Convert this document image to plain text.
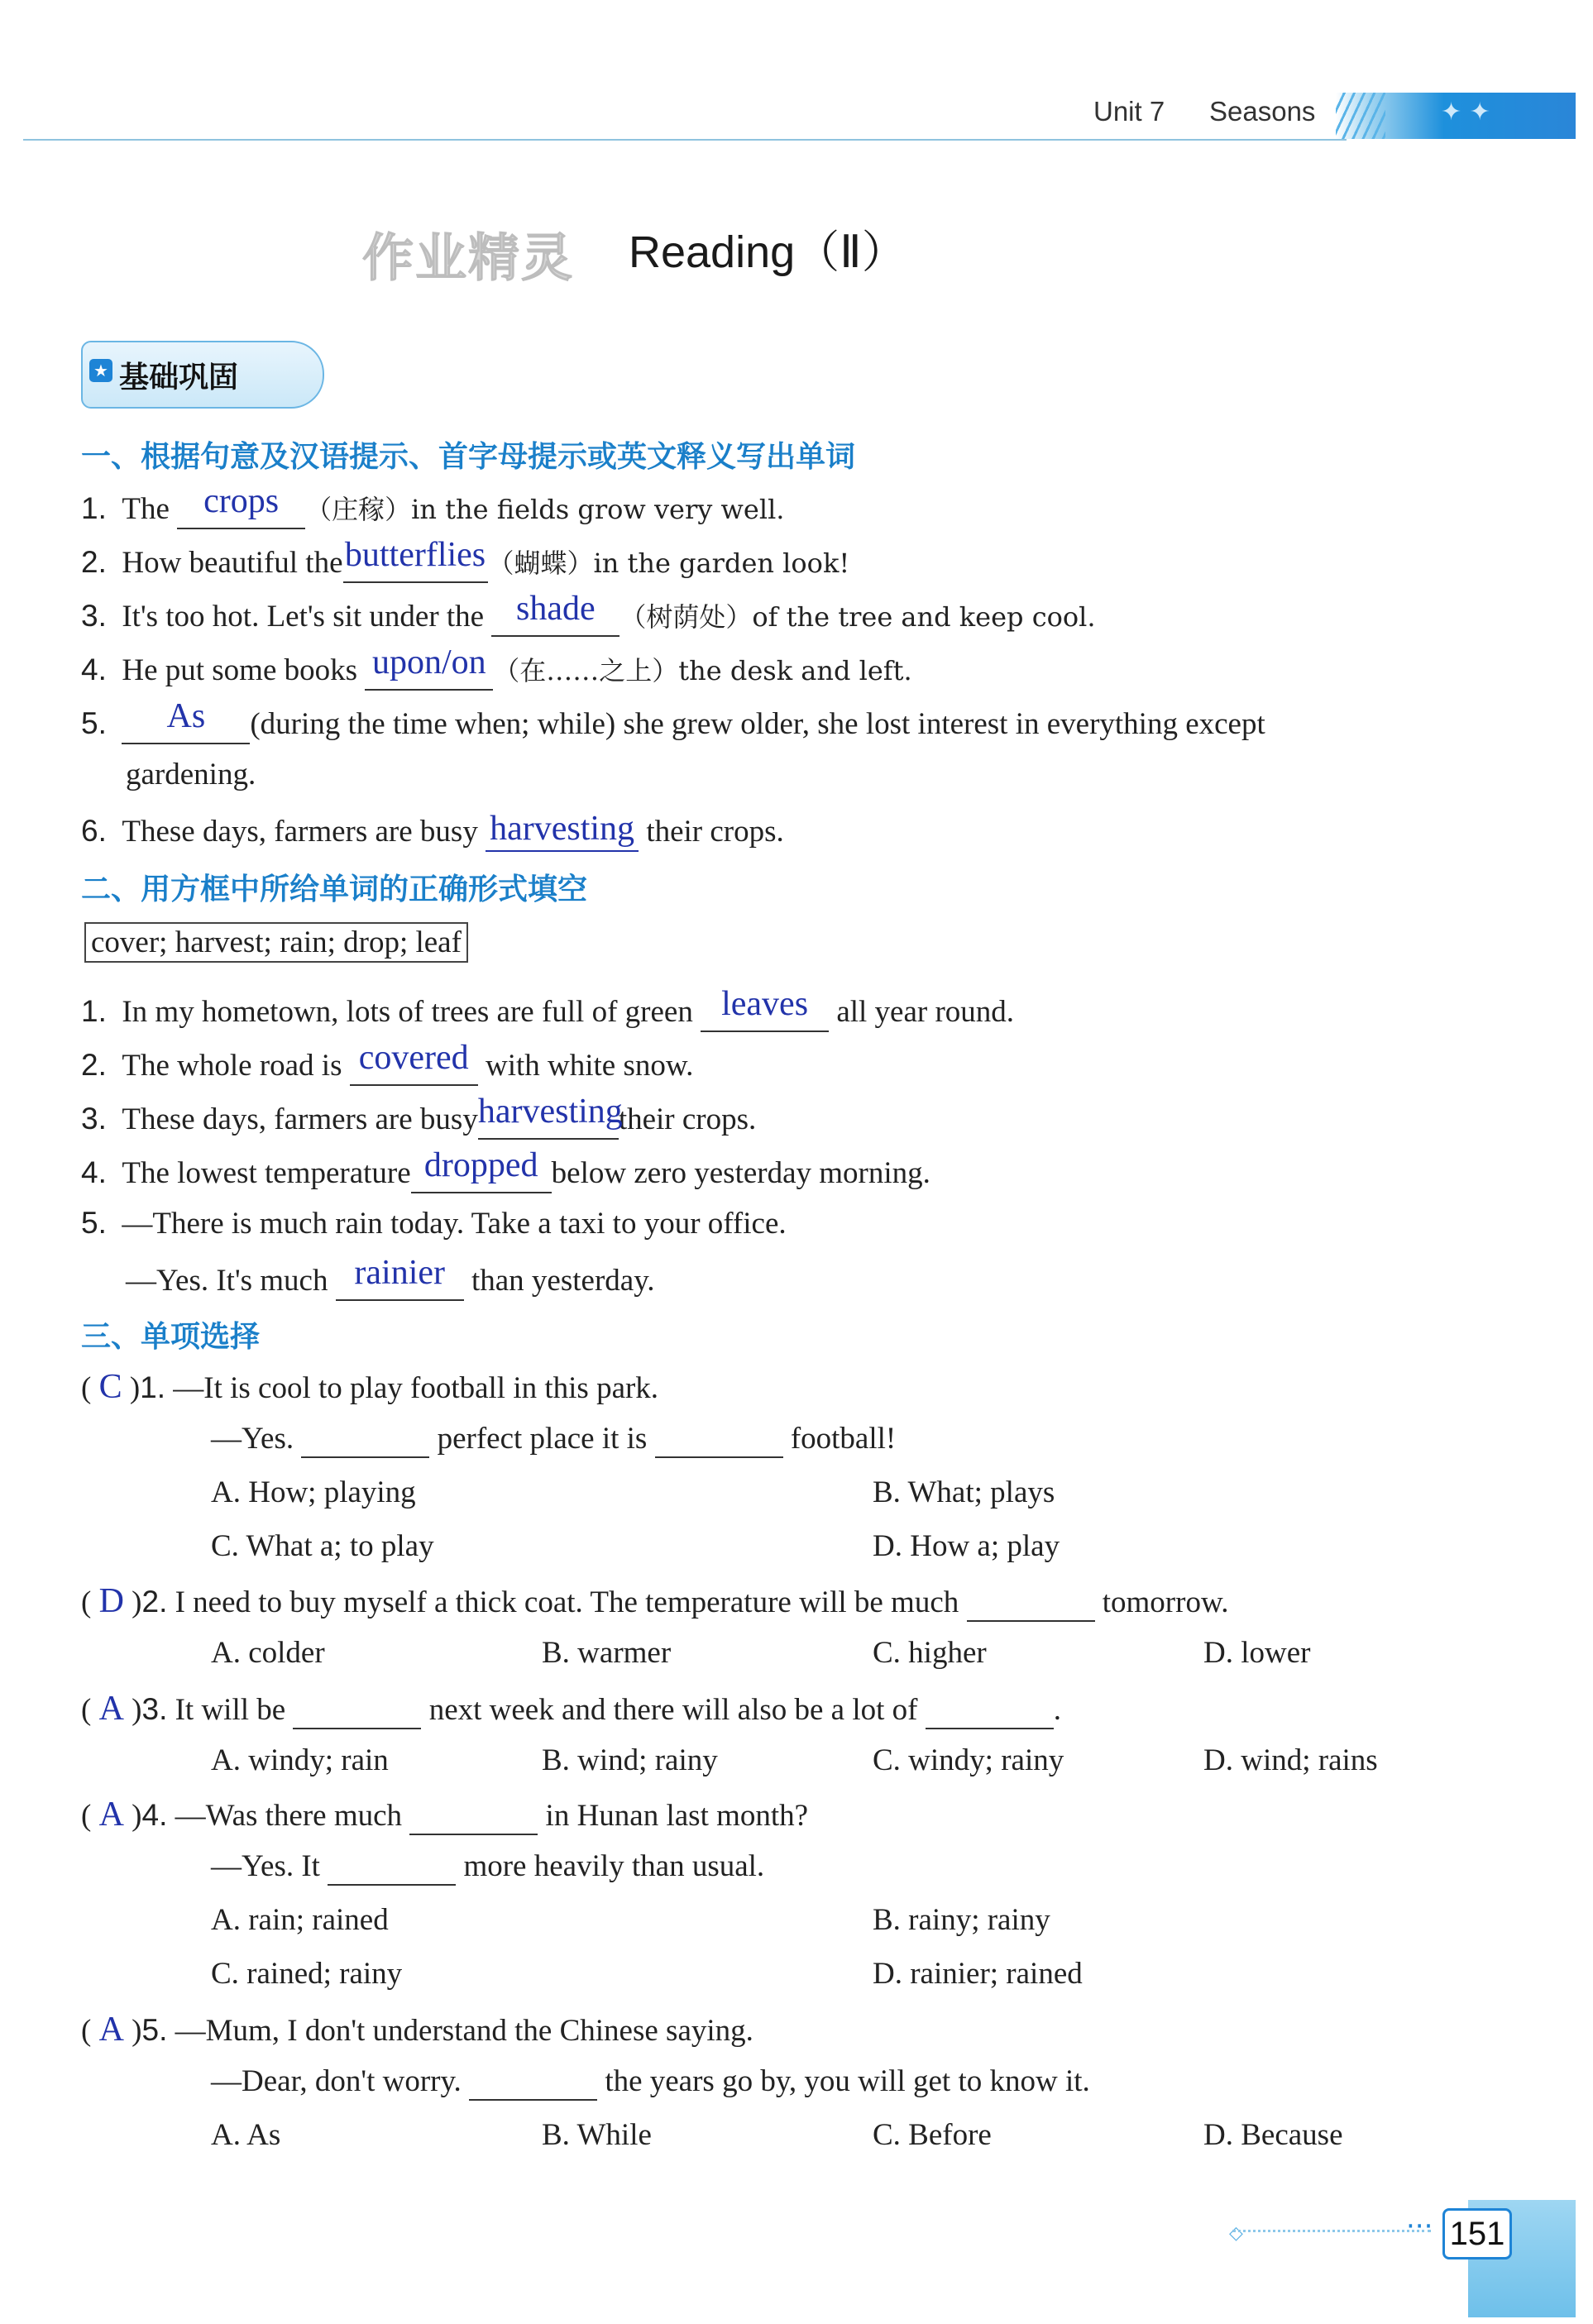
Unit 7 Seasons	✦ ✦
作业精灵 Reading（Ⅱ）
★ 基础巩固
一、根据句意及汉语提示、首字母提示或英文释义写出单词
1. The crops （庄稼）in the fields grow very well.
2. How beautiful thebutterflies（蝴蝶）in the garden look!
3. It's too hot. Let's sit under the shade （树荫处）of the tree and keep cool.
4. He put some books upon/on （在……之上）the desk and left.
5. As (during the time when; while) she grew older, she lost interest in everything except
gardening.
6. These days, farmers are busy harvesting their crops.
二、用方框中所给单词的正确形式填空
cover; harvest; rain; drop; leaf
1. In my hometown, lots of trees are full of green leaves all year round.
2. The whole road is covered with white snow.
3. These days, farmers are busyharvestingtheir crops.
4. The lowest temperature dropped below zero yesterday morning.
5. —There is much rain today. Take a taxi to your office.
—Yes. It's much rainier than yesterday.
三、单项选择
( C )1. —It is cool to play football in this park.
—Yes.	perfect place it is	football!
A. How; playing	B. What; plays
C. What a; to play	D. How a; play
( D )2. I need to buy myself a thick coat. The temperature will be much	tomorrow.
A. colder	B. warmer	C. higher	D. lower
( A )3. It will be	next week and there will also be a lot of	.
A. windy; rain	B. wind; rainy	C. windy; rainy	D. wind; rains
( A )4. —Was there much	in Hunan last month?
—Yes. It	more heavily than usual.
A. rain; rained	B. rainy; rainy
C. rained; rainy	D. rainier; rained
( A )5. —Mum, I don't understand the Chinese saying.
—Dear, don't worry.	the years go by, you will get to know it.
A. As	B. While	C. Before	D. Because
◇	··· 151
